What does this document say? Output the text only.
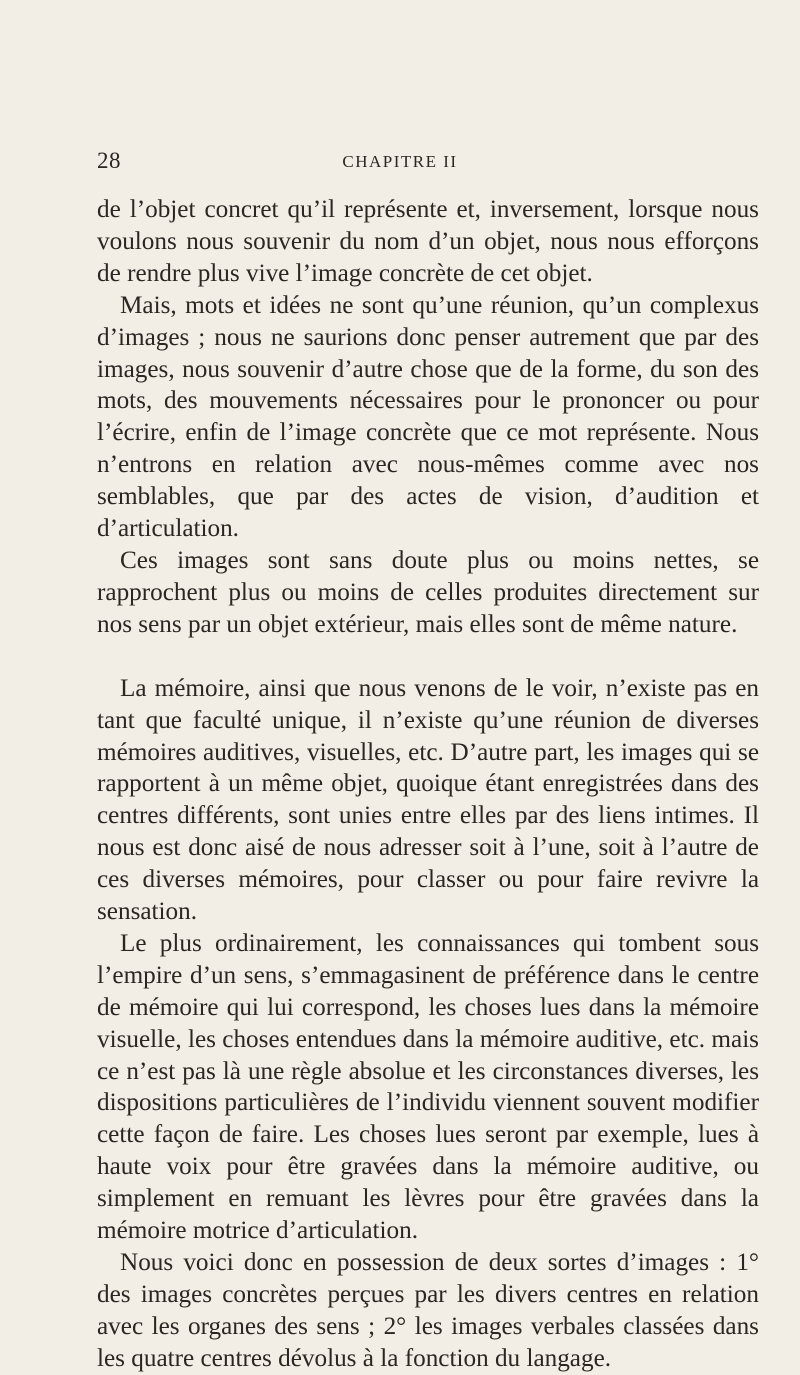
28	CHAPITRE II

de l’objet concret qu’il représente et, inversement, lorsque nous voulons nous souvenir du nom d’un objet, nous nous efforçons de rendre plus vive l’image concrète de cet objet.

Mais, mots et idées ne sont qu’une réunion, qu’un complexus d’images ; nous ne saurions donc penser autrement que par des images, nous souvenir d’autre chose que de la forme, du son des mots, des mouvements nécessaires pour le prononcer ou pour l’écrire, enfin de l’image concrète que ce mot représente. Nous n’entrons en relation avec nous-mêmes comme avec nos semblables, que par des actes de vision, d’audition et d’articulation.

Ces images sont sans doute plus ou moins nettes, se rapprochent plus ou moins de celles produites directement sur nos sens par un objet extérieur, mais elles sont de même nature.

La mémoire, ainsi que nous venons de le voir, n’existe pas en tant que faculté unique, il n’existe qu’une réunion de diverses mémoires auditives, visuelles, etc. D’autre part, les images qui se rapportent à un même objet, quoique étant enregistrées dans des centres différents, sont unies entre elles par des liens intimes. Il nous est donc aisé de nous adresser soit à l’une, soit à l’autre de ces diverses mémoires, pour classer ou pour faire revivre la sensation.

Le plus ordinairement, les connaissances qui tombent sous l’empire d’un sens, s’emmagasinent de préférence dans le centre de mémoire qui lui correspond, les choses lues dans la mémoire visuelle, les choses entendues dans la mémoire auditive, etc. mais ce n’est pas là une règle absolue et les circonstances diverses, les dispositions particulières de l’individu viennent souvent modifier cette façon de faire. Les choses lues seront par exemple, lues à haute voix pour être gravées dans la mémoire auditive, ou simplement en remuant les lèvres pour être gravées dans la mémoire motrice d’articulation.

Nous voici donc en possession de deux sortes d’images : 1° des images concrètes perçues par les divers centres en relation avec les organes des sens ; 2° les images verbales classées dans les quatre centres dévolus à la fonction du langage.
